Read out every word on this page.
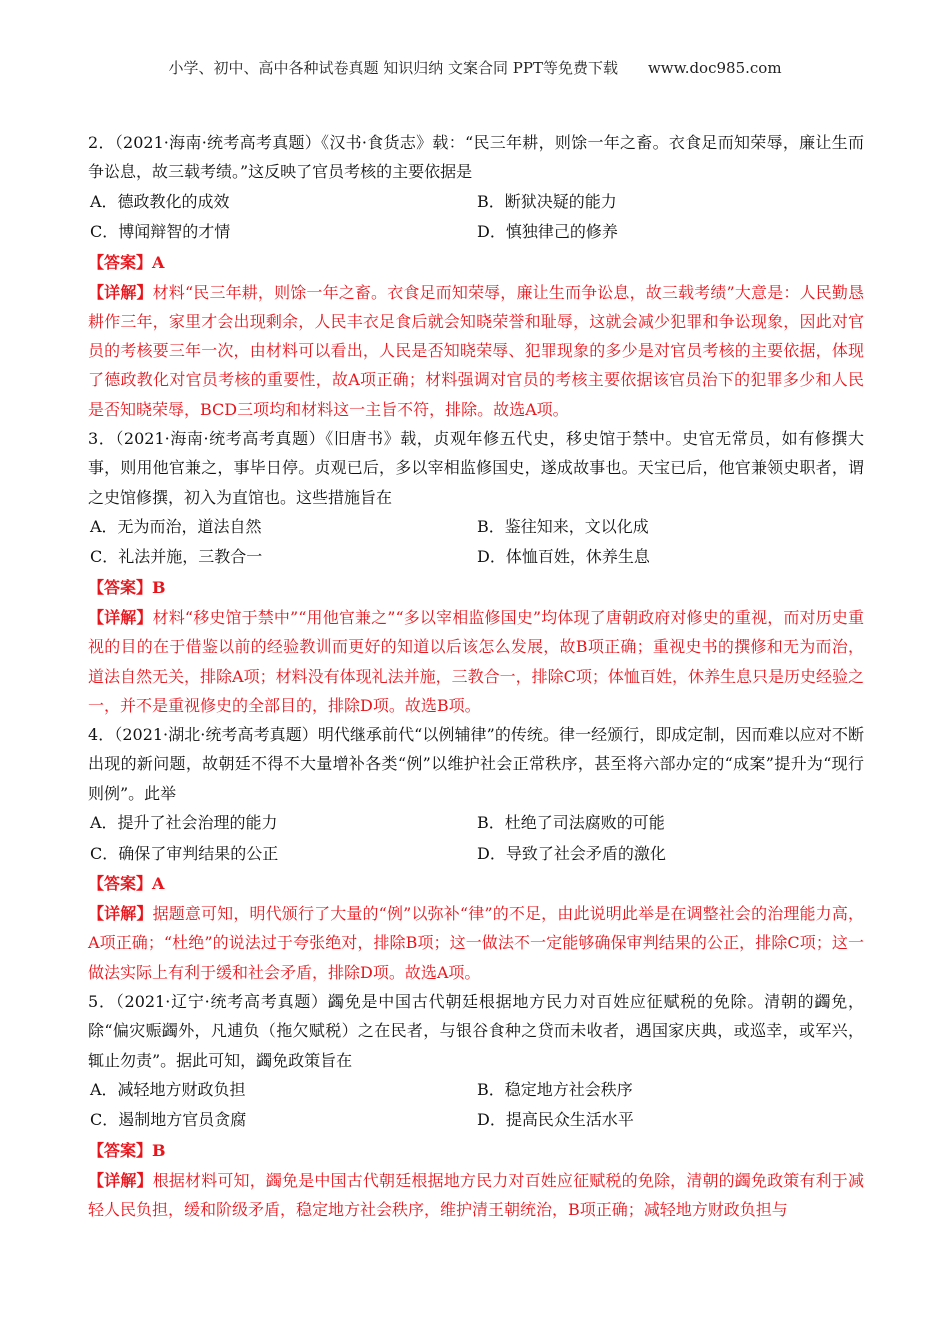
小学、初中、高中各种试卷真题 知识归纳 文案合同 PPT等免费下载 www.doc985.com

2．（2021·海南·统考高考真题）《汉书·食货志》载：“民三年耕，则馀一年之畜。衣食足而知荣辱，廉让生而争讼息，故三载考绩。”这反映了官员考核的主要依据是

A．德政教化的成效	B．断狱决疑的能力
C．博闻辩智的才情	D．慎独律己的修养

【答案】A

【详解】材料“民三年耕，则馀一年之畜。衣食足而知荣辱，廉让生而争讼息，故三载考绩”大意是：人民勤恳耕作三年，家里才会出现剩余，人民丰衣足食后就会知晓荣誉和耻辱，这就会减少犯罪和争讼现象，因此对官员的考核要三年一次，由材料可以看出，人民是否知晓荣辱、犯罪现象的多少是对官员考核的主要依据，体现了德政教化对官员考核的重要性，故A项正确；材料强调对官员的考核主要依据该官员治下的犯罪多少和人民是否知晓荣辱，BCD三项均和材料这一主旨不符，排除。故选A项。

3．（2021·海南·统考高考真题）《旧唐书》载，贞观年修五代史，移史馆于禁中。史官无常员，如有修撰大事，则用他官兼之，事毕日停。贞观已后，多以宰相监修国史，遂成故事也。天宝已后，他官兼领史职者，谓之史馆修撰，初入为直馆也。这些措施旨在

A．无为而治，道法自然	B．鉴往知来，文以化成
C．礼法并施，三教合一	D．体恤百姓，休养生息

【答案】B

【详解】材料“移史馆于禁中”“用他官兼之”“多以宰相监修国史”均体现了唐朝政府对修史的重视，而对历史重视的目的在于借鉴以前的经验教训而更好的知道以后该怎么发展，故B项正确；重视史书的撰修和无为而治，道法自然无关，排除A项；材料没有体现礼法并施，三教合一，排除C项；体恤百姓，休养生息只是历史经验之一，并不是重视修史的全部目的，排除D项。故选B项。

4．（2021·湖北·统考高考真题）明代继承前代“以例辅律”的传统。律一经颁行，即成定制，因而难以应对不断出现的新问题，故朝廷不得不大量增补各类“例”以维护社会正常秩序，甚至将六部办定的“成案”提升为“现行则例”。此举

A．提升了社会治理的能力	B．杜绝了司法腐败的可能
C．确保了审判结果的公正	D．导致了社会矛盾的激化

【答案】A

【详解】据题意可知，明代颁行了大量的“例”以弥补“律”的不足，由此说明此举是在调整社会的治理能力高，A项正确；“杜绝”的说法过于夸张绝对，排除B项；这一做法不一定能够确保审判结果的公正，排除C项；这一做法实际上有利于缓和社会矛盾，排除D项。故选A项。

5．（2021·辽宁·统考高考真题）蠲免是中国古代朝廷根据地方民力对百姓应征赋税的免除。清朝的蠲免，除“偏灾赈蠲外，凡逋负（拖欠赋税）之在民者，与银谷食种之贷而未收者，遇国家庆典，或巡幸，或军兴，辄止勿责”。据此可知，蠲免政策旨在

A．减轻地方财政负担	B．稳定地方社会秩序
C．遏制地方官员贪腐	D．提高民众生活水平

【答案】B

【详解】根据材料可知，蠲免是中国古代朝廷根据地方民力对百姓应征赋税的免除，清朝的蠲免政策有利于减轻人民负担，缓和阶级矛盾，稳定地方社会秩序，维护清王朝统治，B项正确；减轻地方财政负担与
